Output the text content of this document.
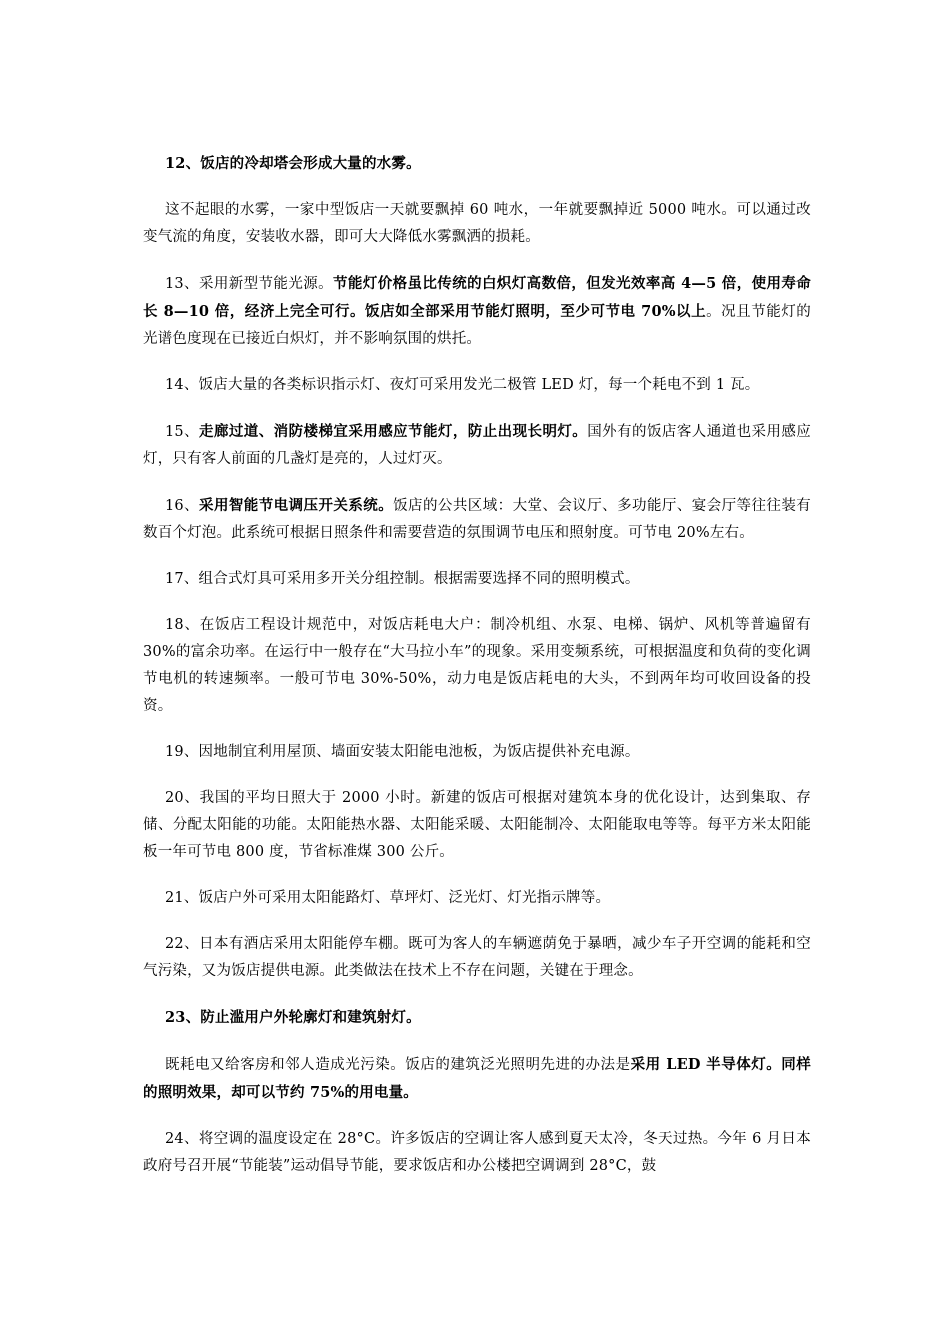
12、饭店的冷却塔会形成大量的水雾。

这不起眼的水雾，一家中型饭店一天就要飘掉 60 吨水，一年就要飘掉近 5000 吨水。可以通过改变气流的角度，安装收水器，即可大大降低水雾飘洒的损耗。

13、采用新型节能光源。节能灯价格虽比传统的白炽灯高数倍，但发光效率高 4—5 倍，使用寿命长 8—10 倍，经济上完全可行。饭店如全部采用节能灯照明，至少可节电 70%以上。况且节能灯的光谱色度现在已接近白炽灯，并不影响氛围的烘托。

14、饭店大量的各类标识指示灯、夜灯可采用发光二极管 LED 灯，每一个耗电不到 1 瓦。

15、走廊过道、消防楼梯宜采用感应节能灯，防止出现长明灯。国外有的饭店客人通道也采用感应灯，只有客人前面的几盏灯是亮的，人过灯灭。

16、采用智能节电调压开关系统。饭店的公共区域：大堂、会议厅、多功能厅、宴会厅等往往装有数百个灯泡。此系统可根据日照条件和需要营造的氛围调节电压和照射度。可节电 20%左右。

17、组合式灯具可采用多开关分组控制。根据需要选择不同的照明模式。

18、在饭店工程设计规范中，对饭店耗电大户：制冷机组、水泵、电梯、锅炉、风机等普遍留有 30%的富余功率。在运行中一般存在“大马拉小车”的现象。采用变频系统，可根据温度和负荷的变化调节电机的转速频率。一般可节电 30%-50%，动力电是饭店耗电的大头，不到两年均可收回设备的投资。

19、因地制宜利用屋顶、墙面安装太阳能电池板，为饭店提供补充电源。

20、我国的平均日照大于 2000 小时。新建的饭店可根据对建筑本身的优化设计，达到集取、存储、分配太阳能的功能。太阳能热水器、太阳能采暖、太阳能制冷、太阳能取电等等。每平方米太阳能板一年可节电 800 度，节省标准煤 300 公斤。

21、饭店户外可采用太阳能路灯、草坪灯、泛光灯、灯光指示牌等。

22、日本有酒店采用太阳能停车棚。既可为客人的车辆遮荫免于暴晒，减少车子开空调的能耗和空气污染，又为饭店提供电源。此类做法在技术上不存在问题，关键在于理念。

23、防止滥用户外轮廓灯和建筑射灯。

既耗电又给客房和邻人造成光污染。饭店的建筑泛光照明先进的办法是采用 LED 半导体灯。同样的照明效果，却可以节约 75%的用电量。

24、将空调的温度设定在 28°C。许多饭店的空调让客人感到夏天太冷，冬天过热。今年 6 月日本政府号召开展“节能装”运动倡导节能，要求饭店和办公楼把空调调到 28°C，鼓
